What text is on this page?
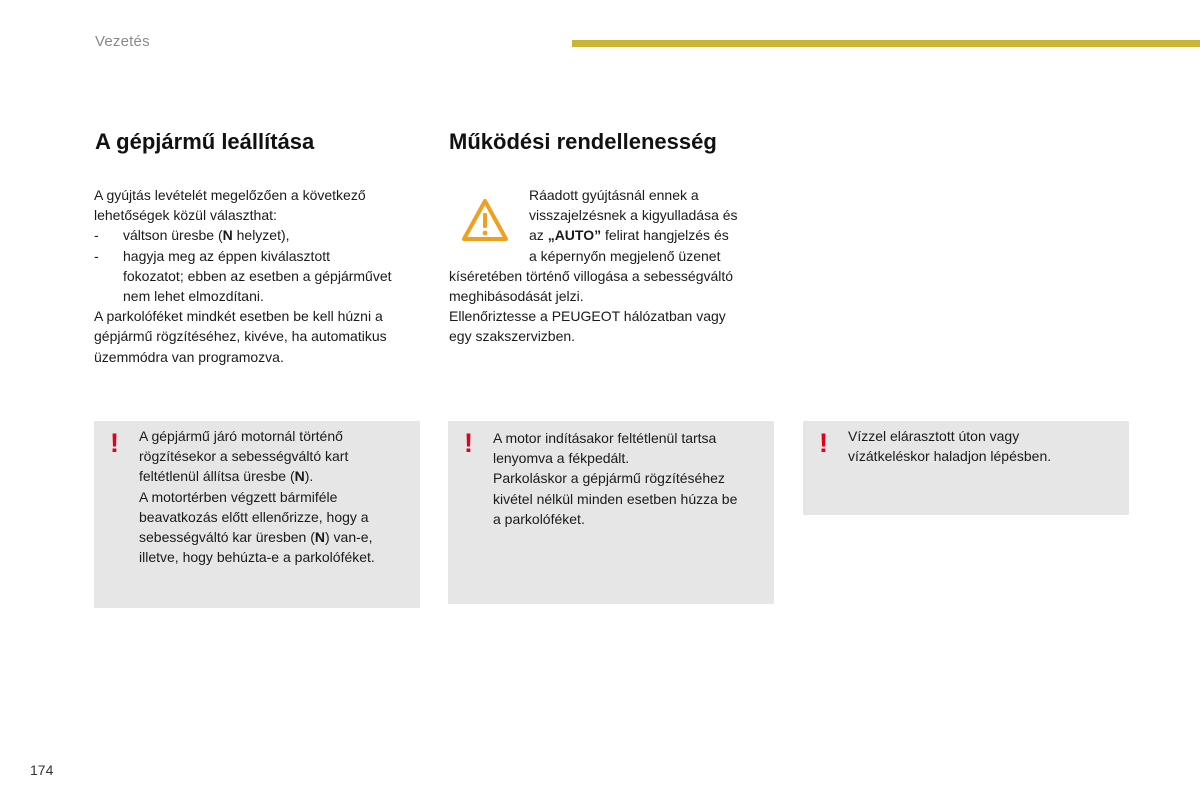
Vezetés
A gépjármű leállítása	Működési rendellenesség

A gyújtás levételét megelőzően a következő

lehetőségek közül választhat:

- váltson üresbe (N helyzet),
- hagyja meg az éppen kiválasztott

fokozatot; ebben az esetben a gépjárművet

nem lehet elmozdítani.

A parkolóféket mindkét esetben be kell húzni a

gépjármű rögzítéséhez, kivéve, ha automatikus

üzemmódra van programozva.

Ráadott gyújtásnál ennek a

visszajelzésnek a kigyulladása és

az „AUTO” felirat hangjelzés és

a képernyőn megjelenő üzenet

kíséretében történő villogása a sebességváltó

meghibásodását jelzi.

Ellenőriztesse a PEUGEOT hálózatban vagy

egy szakszervizben.

! A gépjármű járó motornál történő

rögzítésekor a sebességváltó kart

feltétlenül állítsa üresbe (N).

A motortérben végzett bármiféle

beavatkozás előtt ellenőrizze, hogy a

sebességváltó kar üresben (N) van-e,

illetve, hogy behúzta-e a parkolóféket.

! A motor indításakor feltétlenül tartsa

lenyomva a fékpedált.

Parkoláskor a gépjármű rögzítéséhez

kivétel nélkül minden esetben húzza be

a parkolóféket.

! Vízzel elárasztott úton vagy

vízátkeléskor haladjon lépésben.

174
